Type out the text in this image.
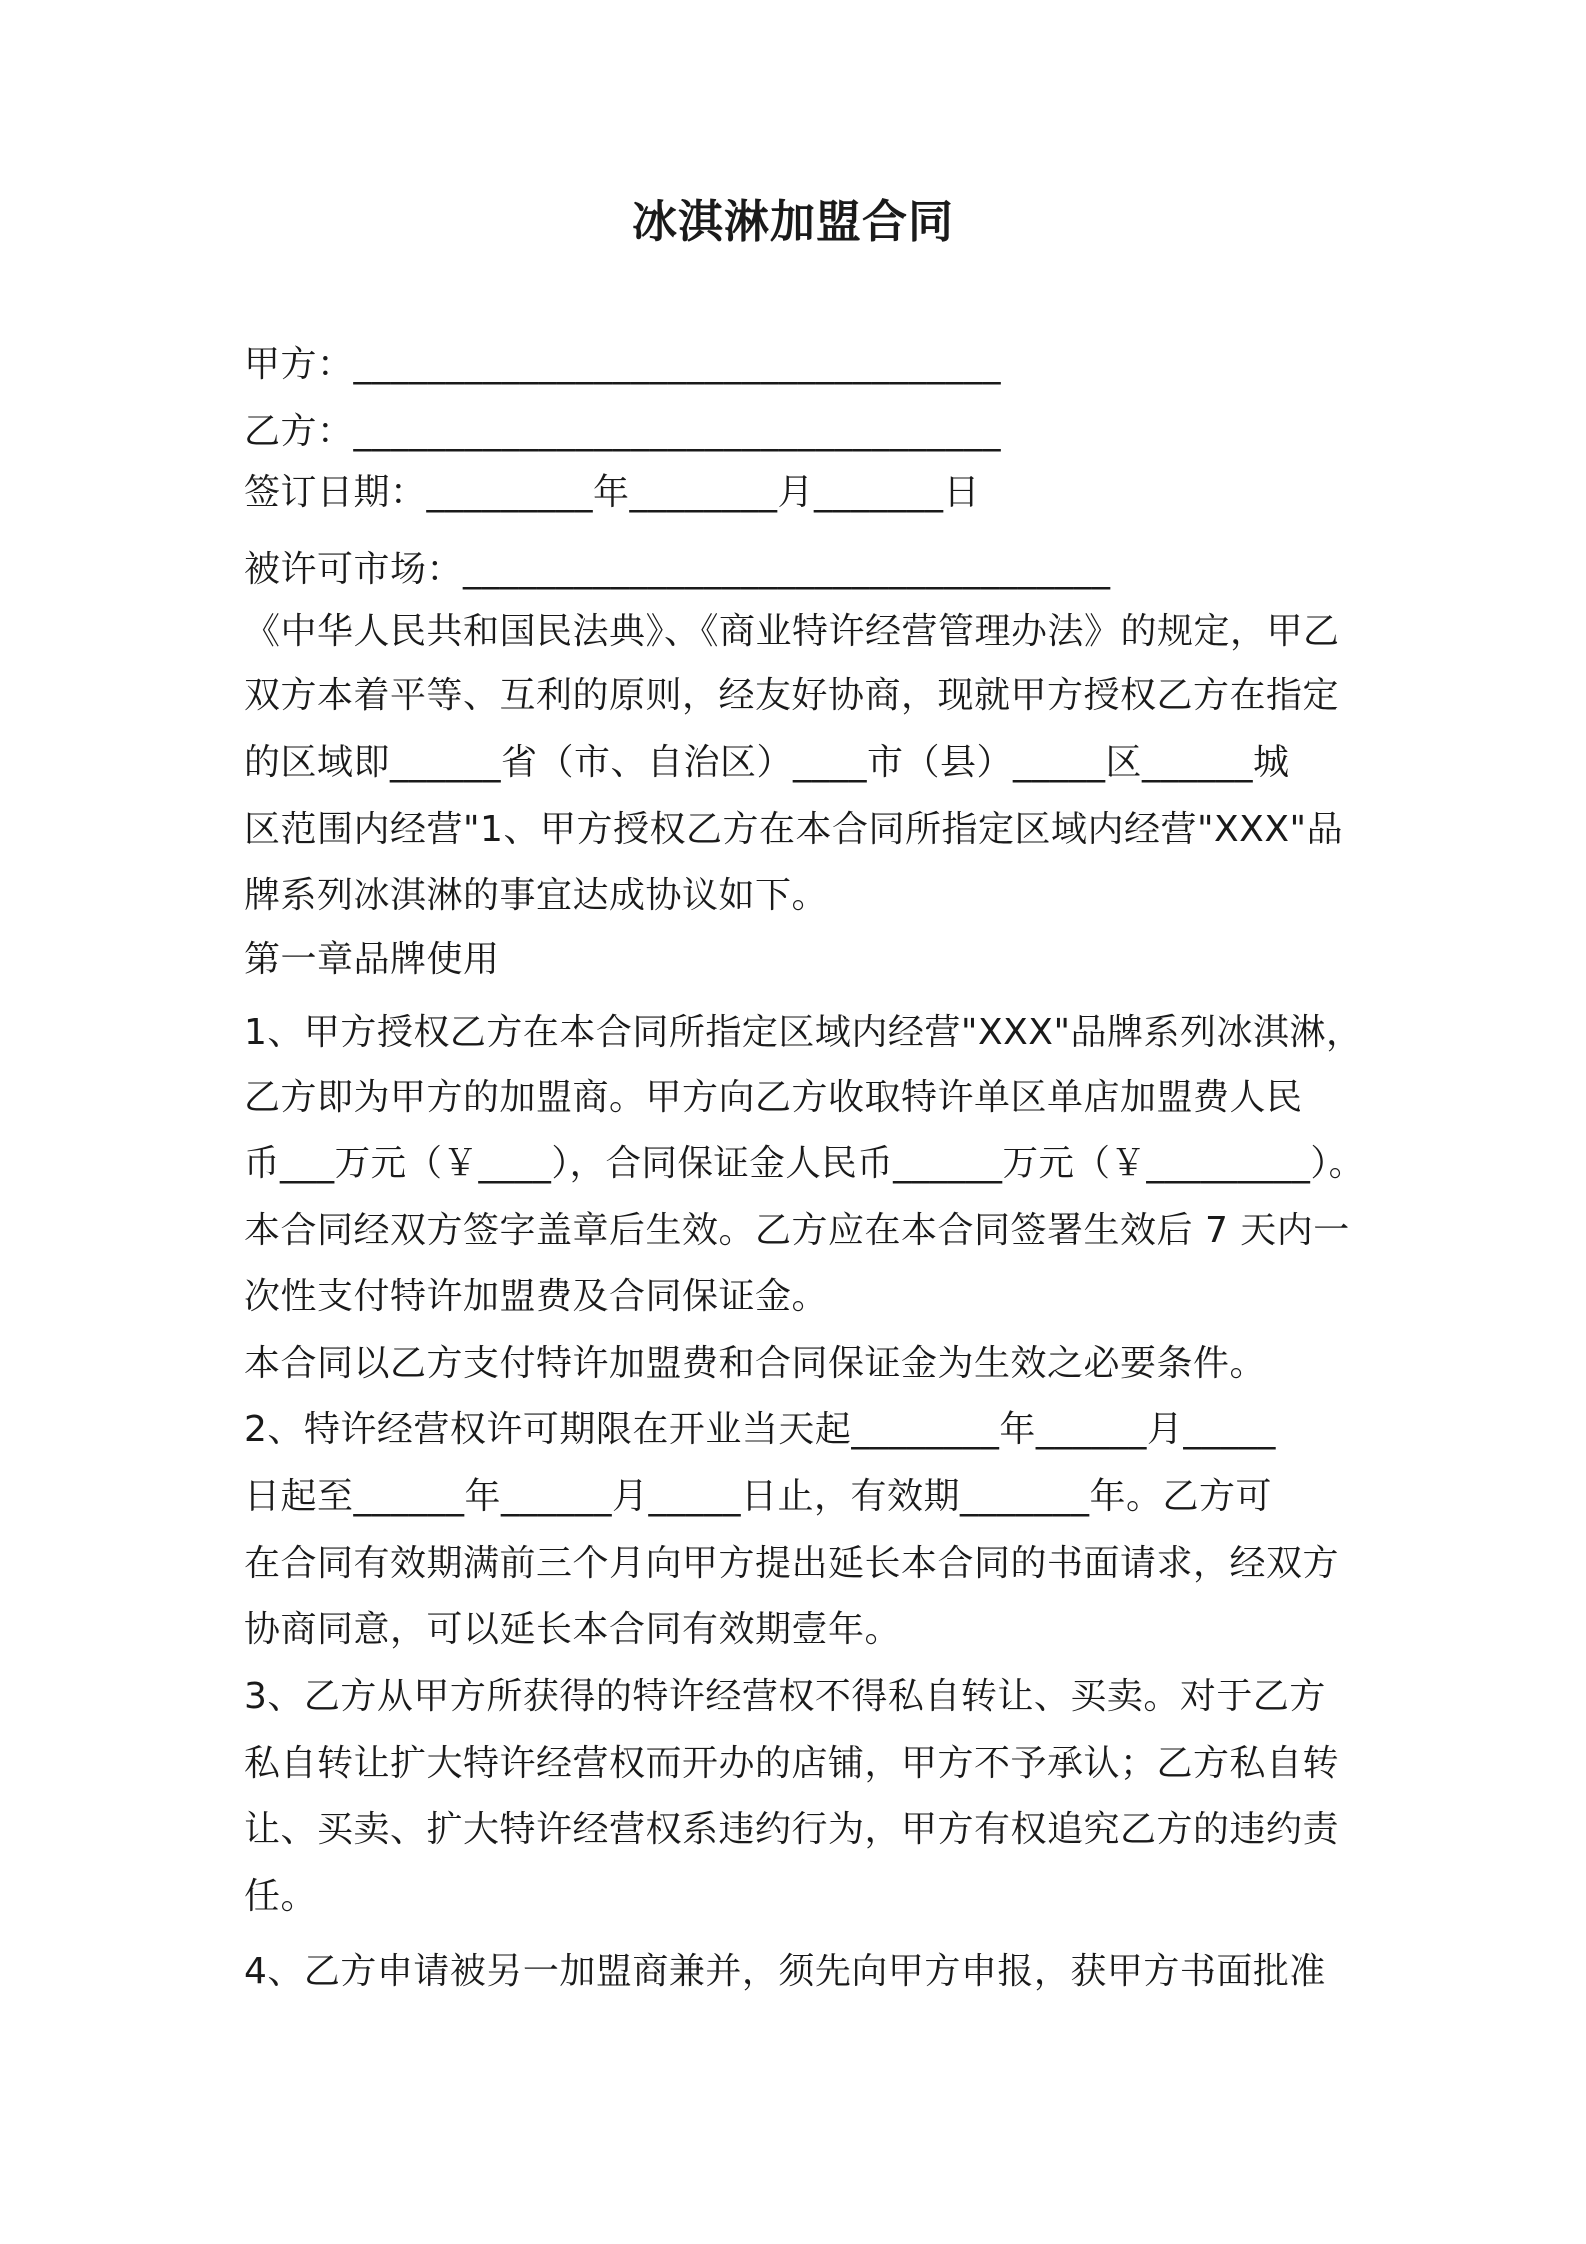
冰淇淋加盟合同
甲方：___________________________________
乙方：___________________________________
签订日期：_________年________月_______日
被许可市场：___________________________________
《中华人民共和国民法典》、《商业特许经营管理办法》的规定，甲乙
双方本着平等、互利的原则，经友好协商，现就甲方授权乙方在指定
的区域即______省（市、自治区）____市（县）_____区______城
区范围内经营"1、甲方授权乙方在本合同所指定区域内经营"XXX"品
牌系列冰淇淋的事宜达成协议如下。
第一章品牌使用
1、甲方授权乙方在本合同所指定区域内经营"XXX"品牌系列冰淇淋，
乙方即为甲方的加盟商。甲方向乙方收取特许单区单店加盟费人民
币___万元（￥____），合同保证金人民币______万元（￥_________）。
本合同经双方签字盖章后生效。乙方应在本合同签署生效后 7 天内一
次性支付特许加盟费及合同保证金。
本合同以乙方支付特许加盟费和合同保证金为生效之必要条件。
2、特许经营权许可期限在开业当天起________年______月_____
日起至______年______月_____日止，有效期_______年。乙方可
在合同有效期满前三个月向甲方提出延长本合同的书面请求，经双方
协商同意，可以延长本合同有效期壹年。
3、乙方从甲方所获得的特许经营权不得私自转让、买卖。对于乙方
私自转让扩大特许经营权而开办的店铺，甲方不予承认；乙方私自转
让、买卖、扩大特许经营权系违约行为，甲方有权追究乙方的违约责
任。
4、乙方申请被另一加盟商兼并，须先向甲方申报，获甲方书面批准
